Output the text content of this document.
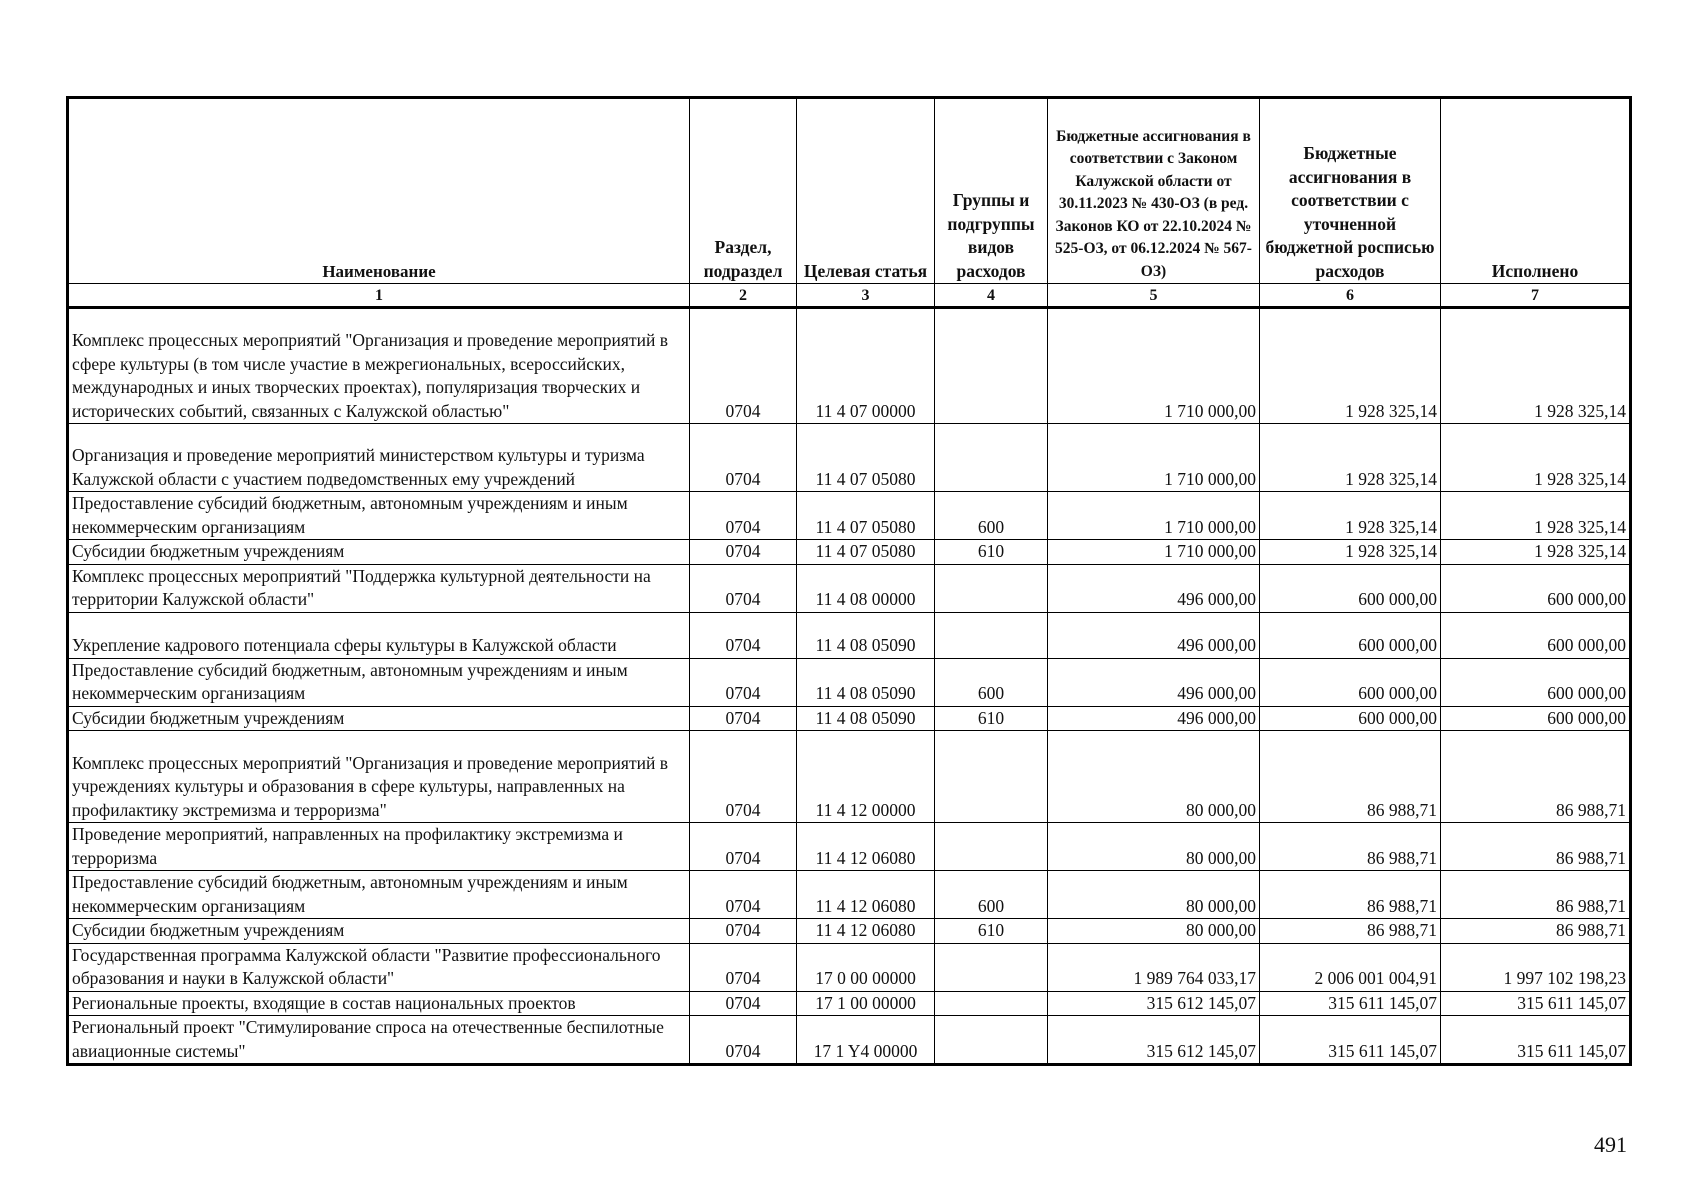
Наименование	Раздел, подраздел	Целевая статья	Группы и подгруппы видов расходов	Бюджетные ассигнования в соответствии с Законом Калужской области от 30.11.2023 № 430-ОЗ (в ред. Законов КО от 22.10.2024 № 525-ОЗ, от 06.12.2024 № 567-ОЗ)	Бюджетные ассигнования в соответствии с уточненной бюджетной росписью расходов	Исполнено
1	2	3	4	5	6	7
Комплекс процессных мероприятий "Организация и проведение мероприятий в сфере культуры (в том числе участие в межрегиональных, всероссийских, международных и иных творческих проектах), популяризация творческих и исторических событий, связанных с Калужской областью"	0704	11 4 07 00000		1 710 000,00	1 928 325,14	1 928 325,14
Организация и проведение мероприятий министерством культуры и туризма Калужской области с участием подведомственных ему учреждений	0704	11 4 07 05080		1 710 000,00	1 928 325,14	1 928 325,14
Предоставление субсидий бюджетным, автономным учреждениям и иным некоммерческим организациям	0704	11 4 07 05080	600	1 710 000,00	1 928 325,14	1 928 325,14
Субсидии бюджетным учреждениям	0704	11 4 07 05080	610	1 710 000,00	1 928 325,14	1 928 325,14
Комплекс процессных мероприятий "Поддержка культурной деятельности на территории Калужской области"	0704	11 4 08 00000		496 000,00	600 000,00	600 000,00
Укрепление кадрового потенциала сферы культуры в Калужской области	0704	11 4 08 05090		496 000,00	600 000,00	600 000,00
Предоставление субсидий бюджетным, автономным учреждениям и иным некоммерческим организациям	0704	11 4 08 05090	600	496 000,00	600 000,00	600 000,00
Субсидии бюджетным учреждениям	0704	11 4 08 05090	610	496 000,00	600 000,00	600 000,00
Комплекс процессных мероприятий "Организация и проведение мероприятий в учреждениях культуры и образования в сфере культуры, направленных на профилактику экстремизма и терроризма"	0704	11 4 12 00000		80 000,00	86 988,71	86 988,71
Проведение мероприятий, направленных на профилактику экстремизма и терроризма	0704	11 4 12 06080		80 000,00	86 988,71	86 988,71
Предоставление субсидий бюджетным, автономным учреждениям и иным некоммерческим организациям	0704	11 4 12 06080	600	80 000,00	86 988,71	86 988,71
Субсидии бюджетным учреждениям	0704	11 4 12 06080	610	80 000,00	86 988,71	86 988,71
Государственная программа Калужской области "Развитие профессионального образования и науки в Калужской области"	0704	17 0 00 00000		1 989 764 033,17	2 006 001 004,91	1 997 102 198,23
Региональные проекты, входящие в состав национальных проектов	0704	17 1 00 00000		315 612 145,07	315 611 145,07	315 611 145,07
Региональный проект "Стимулирование спроса на отечественные беспилотные авиационные системы"	0704	17 1 Y4 00000		315 612 145,07	315 611 145,07	315 611 145,07
491
